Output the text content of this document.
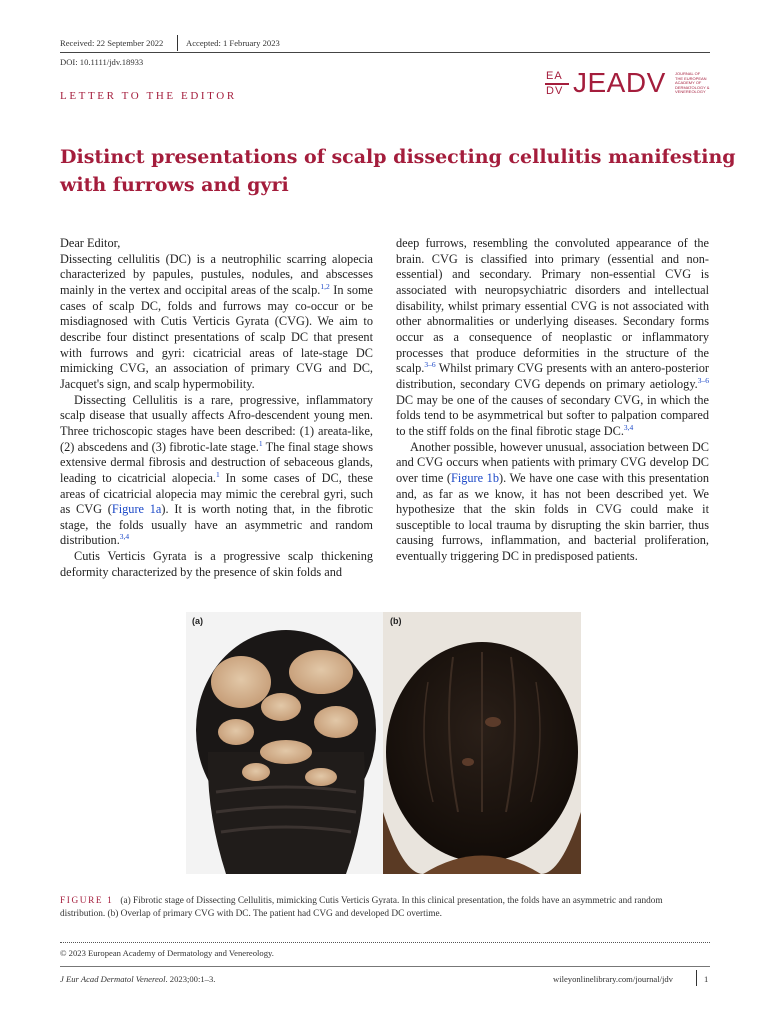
Received: 22 September 2022	Accepted: 1 February 2023
DOI: 10.1111/jdv.18933
EA
DV JEADV JOURNAL OF
THE EUROPEAN
ACADEMY OF
DERMATOLOGY &
VENEREOLOGY
LETTER TO THE EDITOR
Distinct presentations of scalp dissecting cellulitis manifesting
with furrows and gyri

Dear Editor,

Dissecting cellulitis (DC) is a neutrophilic scarring alopecia characterized by papules, pustules, nodules, and abscesses mainly in the vertex and occipital areas of the scalp.$^{1,2}$ In some cases of scalp DC, folds and furrows may co-occur or be misdiagnosed with Cutis Verticis Gyrata (CVG). We aim to describe four distinct presentations of scalp DC that present with furrows and gyri: cicatricial areas of late-stage DC mimicking CVG, an association of primary CVG and DC, Jacquet's sign, and scalp hypermobility.

Dissecting Cellulitis is a rare, progressive, inflammatory scalp disease that usually affects Afro-descendent young men. Three trichoscopic stages have been described: (1) areata-like, (2) abscedens and (3) fibrotic-late stage.$^1$ The final stage shows extensive dermal fibrosis and destruction of sebaceous glands, leading to cicatricial alopecia.$^1$ In some cases of DC, these areas of cicatricial alopecia may mimic the cerebral gyri, such as CVG (Figure 1a). It is worth noting that, in the fibrotic stage, the folds usually have an asymmetric and random distribution.$^{3,4}$

Cutis Verticis Gyrata is a progressive scalp thickening deformity characterized by the presence of skin folds and

deep furrows, resembling the convoluted appearance of the brain. CVG is classified into primary (essential and non-essential) and secondary. Primary non-essential CVG is associated with neuropsychiatric disorders and intellectual disability, whilst primary essential CVG is not associated with other abnormalities or underlying diseases. Secondary forms occur as a consequence of neoplastic or inflammatory processes that produce deformities in the structure of the scalp.$^{3-6}$ Whilst primary CVG presents with an antero-posterior distribution, secondary CVG depends on primary aetiology.$^{3-6}$ DC may be one of the causes of secondary CVG, in which the folds tend to be asymmetrical but softer to palpation compared to the stiff folds on the final fibrotic stage DC.$^{3,4}$

Another possible, however unusual, association between DC and CVG occurs when patients with primary CVG develop DC over time (Figure 1b). We have one case with this presentation and, as far as we know, it has not been described yet. We hypothesize that the skin folds in CVG could make it susceptible to local trauma by disrupting the skin barrier, thus causing furrows, inflammation, and bacterial proliferation, eventually triggering DC in predisposed patients.

(a)	(b)
FIGURE 1 (a) Fibrotic stage of Dissecting Cellulitis, mimicking Cutis Verticis Gyrata. In this clinical presentation, the folds have an asymmetric and random distribution. (b) Overlap of primary CVG with DC. The patient had CVG and developed DC overtime.
© 2023 European Academy of Dermatology and Venereology.
J Eur Acad Dermatol Venereol. 2023;00:1–3.	wileyonlinelibrary.com/journal/jdv	1
